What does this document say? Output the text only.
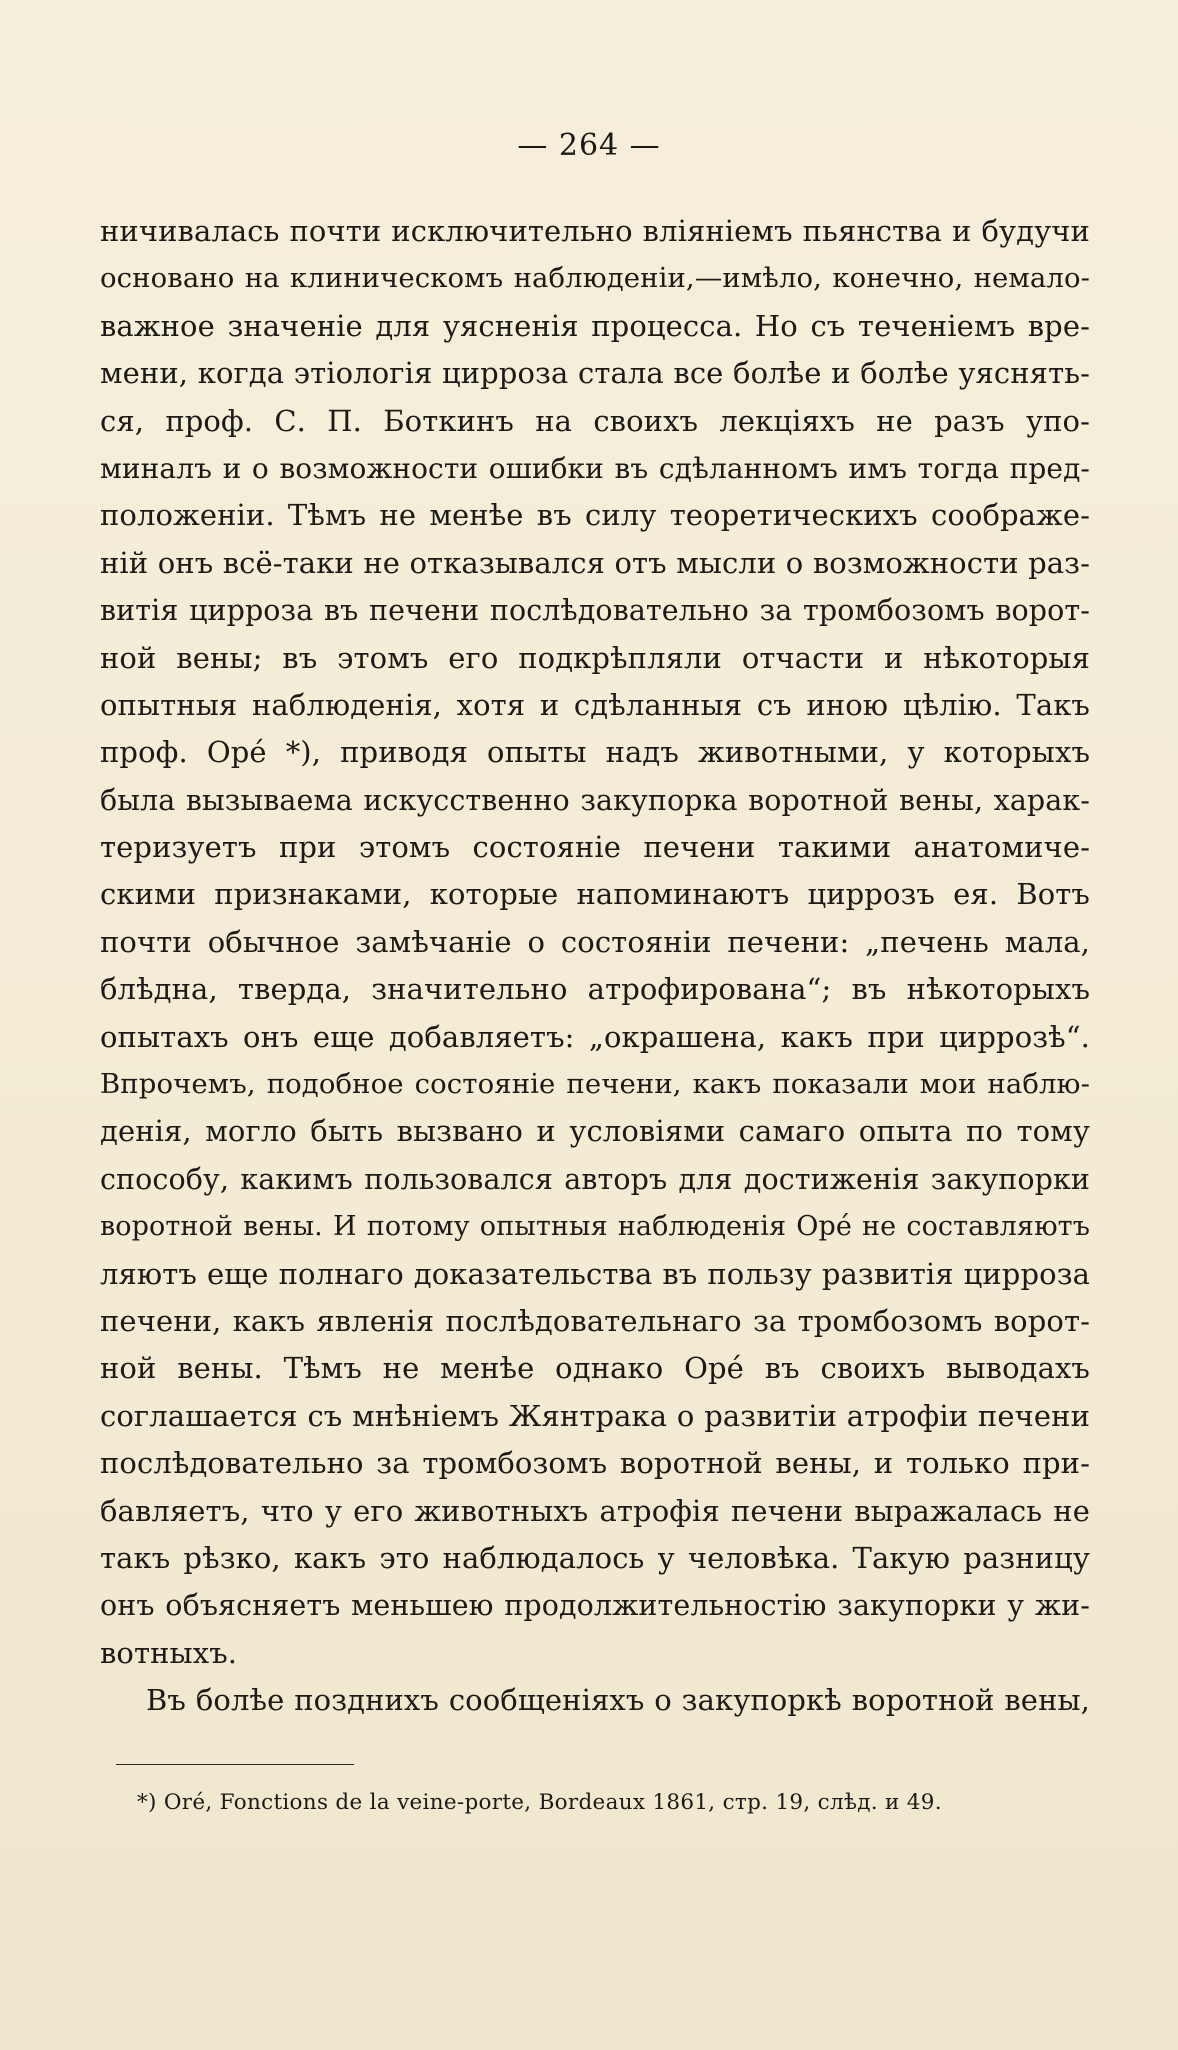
— 264 —
ничивалась почти исключительно вліяніемъ пьянства и будучи
основано на клиническомъ наблюденіи,—имѣло, конечно, немало-
важное значеніе для уясненія процесса. Но съ теченіемъ вре-
мени, когда этіологія цирроза стала все болѣе и болѣе уяснять-
ся, проф. С. П. Боткинъ на своихъ лекціяхъ не разъ упо-
миналъ и о возможности ошибки въ сдѣланномъ имъ тогда пред-
положеніи. Тѣмъ не менѣе въ силу теоретическихъ соображе-
ній онъ всё-таки не отказывался отъ мысли о возможности раз-
витія цирроза въ печени послѣдовательно за тромбозомъ ворот-
ной вены; въ этомъ его подкрѣпляли отчасти и нѣкоторыя
опытныя наблюденія, хотя и сдѣланныя съ иною цѣлію. Такъ
проф. Оре́ *), приводя опыты надъ животными, у которыхъ
была вызываема искусственно закупорка воротной вены, харак-
теризуетъ при этомъ состояніе печени такими анатомиче-
скими признаками, которые напоминаютъ циррозъ ея. Вотъ
почти обычное замѣчаніе о состояніи печени: „печень мала,
блѣдна, тверда, значительно атрофирована“; въ нѣкоторыхъ
опытахъ онъ еще добавляетъ: „окрашена, какъ при циррозѣ“.
Впрочемъ, подобное состояніе печени, какъ показали мои наблю-
денія, могло быть вызвано и условіями самаго опыта по тому
способу, какимъ пользовался авторъ для достиженія закупорки
воротной вены. И потому опытныя наблюденія Оре́ не составляютъ
ляютъ еще полнаго доказательства въ пользу развитія цирроза
печени, какъ явленія послѣдовательнаго за тромбозомъ ворот-
ной вены. Тѣмъ не менѣе однако Оре́ въ своихъ выводахъ
соглашается съ мнѣніемъ Жянтрака о развитіи атрофіи печени
послѣдовательно за тромбозомъ воротной вены, и только при-
бавляетъ, что у его животныхъ атрофія печени выражалась не
такъ рѣзко, какъ это наблюдалось у человѣка. Такую разницу
онъ объясняетъ меньшею продолжительностію закупорки у жи-
вотныхъ.
Въ болѣе позднихъ сообщеніяхъ о закупоркѣ воротной вены,
*) Oré, Fonctions de la veine-porte, Bordeaux 1861, стр. 19, слѣд. и 49.
